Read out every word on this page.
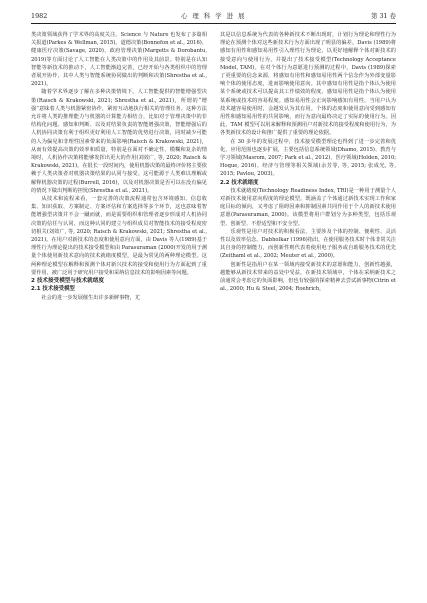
1982	心 理 科 学 进 展	第 31 卷

类决策领域获得了学术界的高度关注。Science 与 Nature 也发布了多篇相关报道(Parkes & Wellman, 2015)。道德决策(Bonnefon et al., 2016)、健康医疗决策(Savage, 2020)、政府管理决策(Margetts & Dorobantu, 2019)等方面讨论了人工智能在人类决策中的作用及其前景。特别是在认知智能等新技术的推动下，人工智能渐趋完善，已经开始与各类组织中的管理者展开协作，其中人类与智能系统协同做出的判断和决策(Shrestha et al., 2021)。

随着学术界逐步了解在多种决策情境下，人工智能提供的智能增强型决策(Raisch & Krakowski, 2021; Shrestha et al., 2021)，所谓的“增强”意味着人类与机器紧密协作，紧密互动地执行相关的管理任务。这种方法允许将人类的推理能力与机器的计算能力相结合，比如对于管理决策中的非结构化问题、感知和判断、以及对结果负责的智能增强决策，智能增强后的人机协同决策有利于组织更好利用人工智能的优势进行决策，同时减少可能的人为偏见和非理性因素带来的负面影响(Raisch & Krakowski, 2021)，从而有效提高决策的效率和质量，特别是在面对不确定性、模糊和复杂的情境时，人机协作决策将能够发挥出更大的作用(刘效广, 等, 2020; Raisch & Krakowski, 2021)。在很长一段时间内，使用机器决策的最终评价将主要依赖于人类决策者对机器决策结果的认同与接受。这可能源于人类难以理解或解释机器决策的过程(Burrell, 2016)，以及对机器决策是否可以在没有偏见的情况下做出判断的担忧(Shrestha et al., 2021)。

从技术和流程来看，一套完善的决策流程通常包含环境感知、信息收集、知识获取、方案制定、方案评估和方案选择等多个环节，这也意味着智能增强型决策并不会一蹴而就，而是需要组织和管理者逐步形成对人机协同决策的信任与认同，而这种认同的建立与组织成员对智能技术的接受程度密切相关(刘效广, 等, 2020; Raisch & Krakowski, 2021; Shrestha et al., 2021)。在用户对新技术的态度和使用意向方面，由 Davis 等人(1989)基于理性行为理论提出的技术接受模型和由 Parasuraman (2000)开发的用于测量个体使用新技术意向的技术就绪度模型，是最为常见的两种理论模型。这两种理论模型在解释和预测个体对新兴技术的接受和使用行为方面起到了重要作用，被广泛用于研究用户接受和采纳信息技术的影响因素等问题。

2 技术接受模型与技术就绪度
2.1 技术接受模型

社会的进一步发展催生出许多新鲜事物，尤

其是以信息系统为代表的各种新技术不断出现时，计划行为理论和理性行为理论在预测个体对这些新技术行为方面出现了明显的偏差。Davis (1989)将感知有用性和感知易用性引入理性行为理论，以更好地解释个体对新技术的接受意向与使用行为，并提出了技术接受模型(Technology Acceptance Model, TAM)。在对个体行为意愿进行预测的过程中，Davis (1989)探索了更重要的信念来源，将感知有用性和感知易用性两个信念作为外部变量影响个体的使用态度，进而影响使用意向。其中感知有用性是指个体认为使用某个系统或技术可以提高其工作绩效的程度，感知易用性是指个体认为使用某系统或技术的容易程度。感知易用性会正向影响感知有用性，当用户认为技术越容易使用时，会越发认为其有用。个体的态度和使用意向受到感知有用性和感知易用性的共同影响，而行为意向最终决定了实际的使用行为。因此，TAM 模型可以用来解释和预测用户对新技术的接受程度和使用行为，为各类新技术的设计和推广提供了重要的理论依据。

在 30 多年的发展过程中，技术接受模型理论也得到了进一步完善和优化，应用范围也逐步扩展，主要包括信息系统领域(Dhamo, 2015)、教育与学习领域(Masrom, 2007; Park et al., 2012)、医疗领域(Holden, 2010; Hoque, 2016)、经济与管理等相关领域(余芳等, 等, 2015; 张成光, 等, 2015; Pavlou, 2003)。

2.2 技术就绪度

技术就绪度(Technology Readiness Index, TRI)是一种用于测量个人对新技术使用意向程度的理论模型。既涵盖了个体通过新技术实现工作和家庭目标的倾向，又考虑了阻碍因素和抑制因素共同作用于个人的新技术使用意愿(Parasuraman, 2000)。该模型将用户群划分为多种类型，包括乐观型、创新型、不舒适型和不安全型。

乐观性是用户对技术的积极看法，主要涉及个体的控制、便利性、灵活性以及效率信念。Dabholkar (1996)指出，在使用服务技术时个体非常关注其自身的控制能力，而创新性则代表着使用电子服务或自助服务技术的优先(Zeithaml et al., 2002; Meuter et al., 2000)。

创新性是指用户在某一领域内接受新技术的意愿和能力，创新性越强，越能够从新技术带来的益处中受益。在新技术领域中，个体在采纳新技术之前通常会考虑它的负面影响，但也有较强的探索精神去尝试新事物(Citrin et al., 2000; Hu & Steel, 2004; Roehrich,
